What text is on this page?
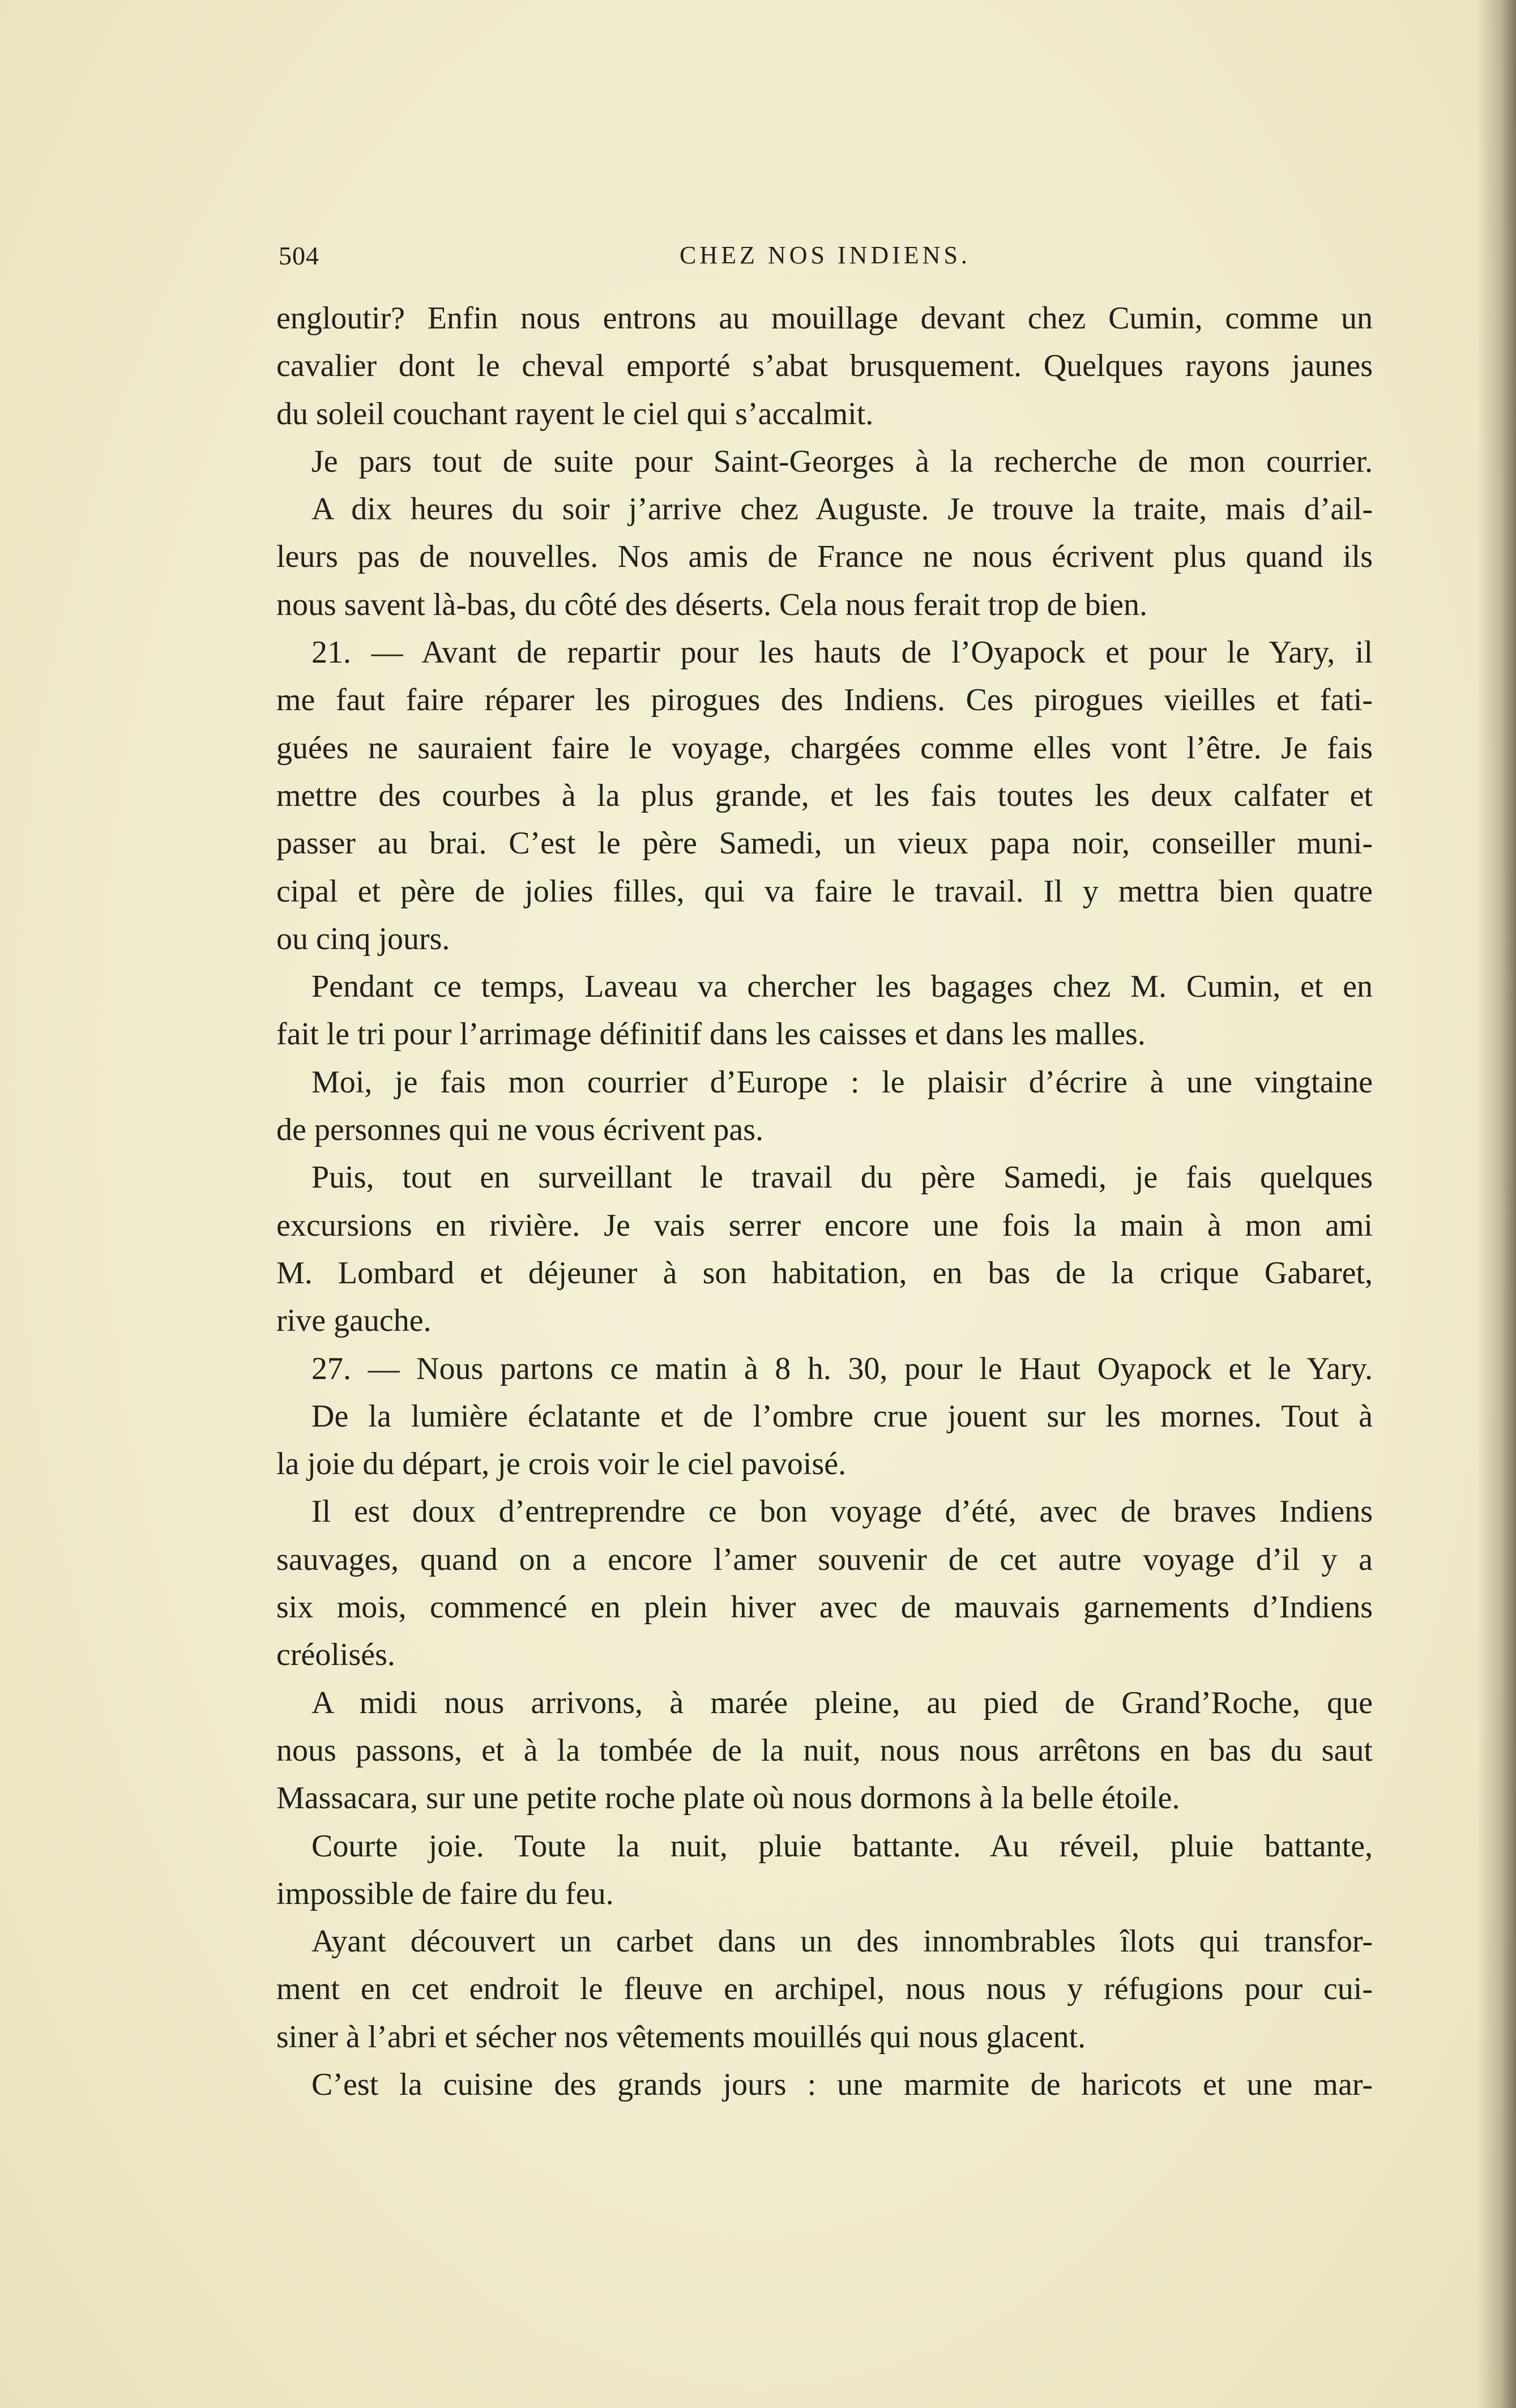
504	CHEZ NOS INDIENS.
engloutir? Enfin nous entrons au mouillage devant chez Cumin, comme un
cavalier dont le cheval emporté s’abat brusquement. Quelques rayons jaunes
du soleil couchant rayent le ciel qui s’accalmit.
Je pars tout de suite pour Saint-Georges à la recherche de mon courrier.
A dix heures du soir j’arrive chez Auguste. Je trouve la traite, mais d’ail-
leurs pas de nouvelles. Nos amis de France ne nous écrivent plus quand ils
nous savent là-bas, du côté des déserts. Cela nous ferait trop de bien.
21. — Avant de repartir pour les hauts de l’Oyapock et pour le Yary, il
me faut faire réparer les pirogues des Indiens. Ces pirogues vieilles et fati-
guées ne sauraient faire le voyage, chargées comme elles vont l’être. Je fais
mettre des courbes à la plus grande, et les fais toutes les deux calfater et
passer au brai. C’est le père Samedi, un vieux papa noir, conseiller muni-
cipal et père de jolies filles, qui va faire le travail. Il y mettra bien quatre
ou cinq jours.
Pendant ce temps, Laveau va chercher les bagages chez M. Cumin, et en
fait le tri pour l’arrimage définitif dans les caisses et dans les malles.
Moi, je fais mon courrier d’Europe : le plaisir d’écrire à une vingtaine
de personnes qui ne vous écrivent pas.
Puis, tout en surveillant le travail du père Samedi, je fais quelques
excursions en rivière. Je vais serrer encore une fois la main à mon ami
M. Lombard et déjeuner à son habitation, en bas de la crique Gabaret,
rive gauche.
27. — Nous partons ce matin à 8 h. 30, pour le Haut Oyapock et le Yary.
De la lumière éclatante et de l’ombre crue jouent sur les mornes. Tout à
la joie du départ, je crois voir le ciel pavoisé.
Il est doux d’entreprendre ce bon voyage d’été, avec de braves Indiens
sauvages, quand on a encore l’amer souvenir de cet autre voyage d’il y a
six mois, commencé en plein hiver avec de mauvais garnements d’Indiens
créolisés.
A midi nous arrivons, à marée pleine, au pied de Grand’Roche, que
nous passons, et à la tombée de la nuit, nous nous arrêtons en bas du saut
Massacara, sur une petite roche plate où nous dormons à la belle étoile.
Courte joie. Toute la nuit, pluie battante. Au réveil, pluie battante,
impossible de faire du feu.
Ayant découvert un carbet dans un des innombrables îlots qui transfor-
ment en cet endroit le fleuve en archipel, nous nous y réfugions pour cui-
siner à l’abri et sécher nos vêtements mouillés qui nous glacent.
C’est la cuisine des grands jours : une marmite de haricots et une mar-
